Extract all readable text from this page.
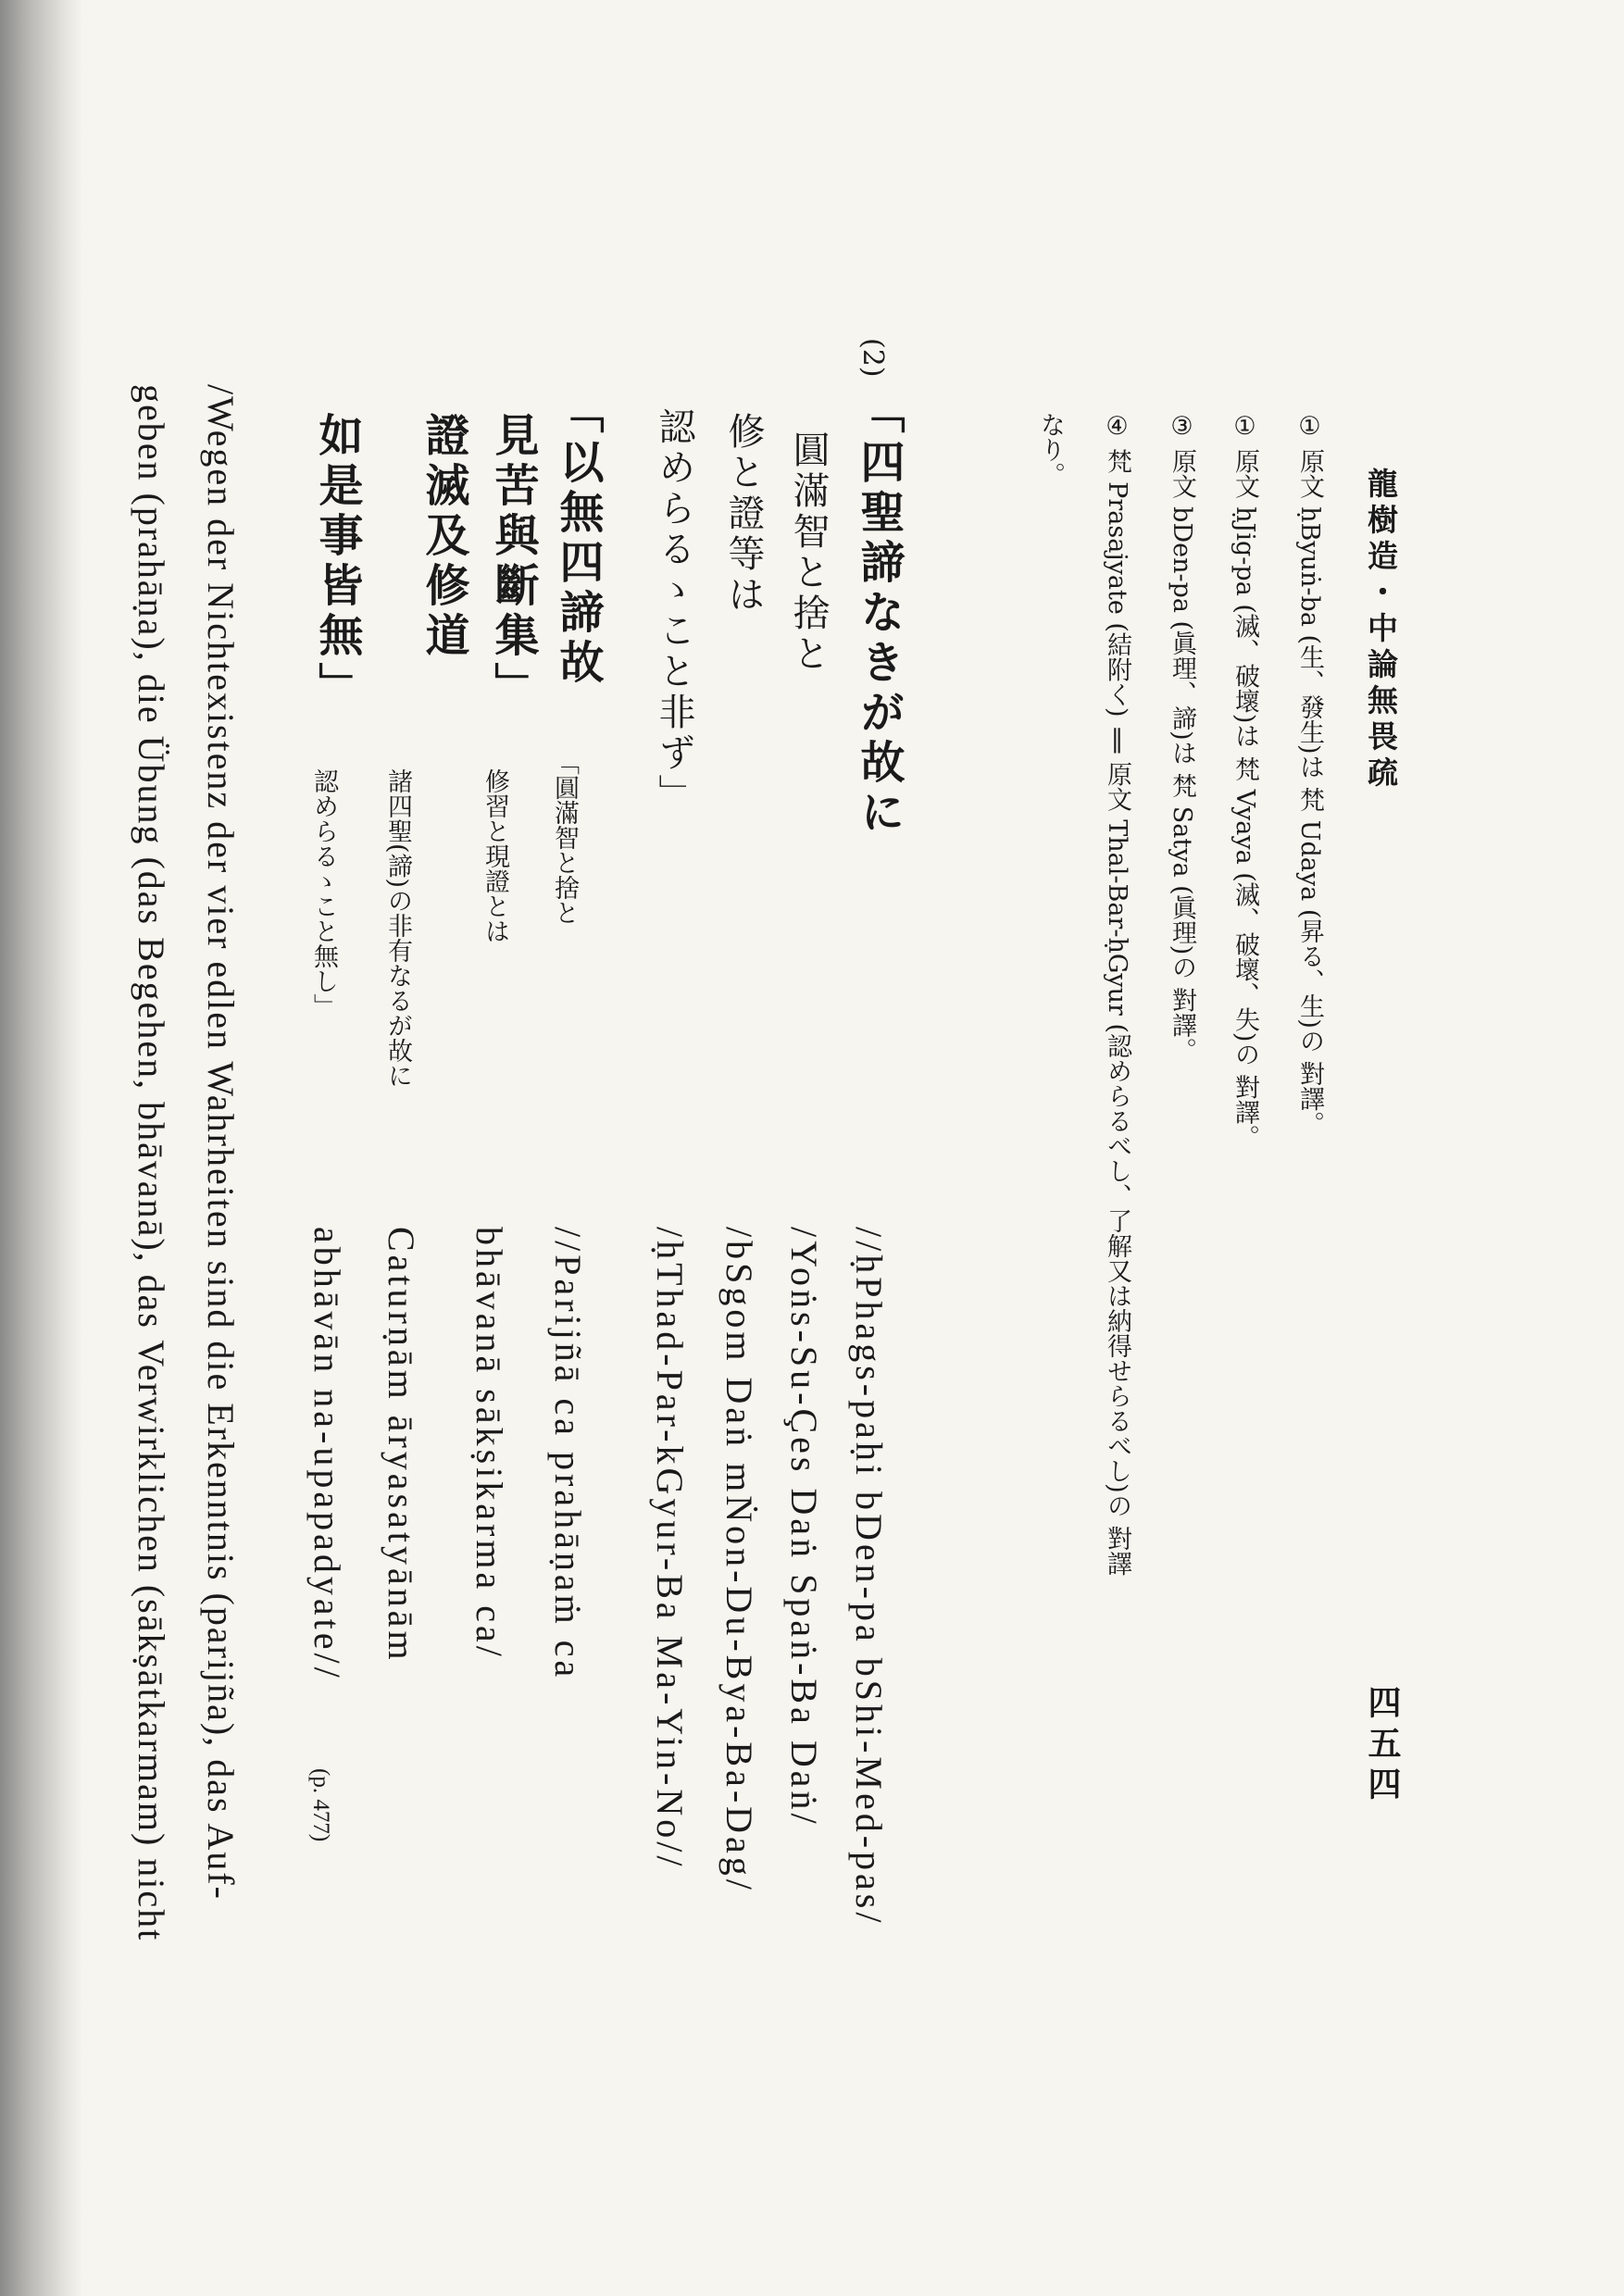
龍樹造・中論無畏疏
四五四
① 原文 ḥByuṅ-ba (生、發生)は 梵 Udaya (昇る、生)の 對譯。
① 原文 ḥJig-pa (滅、破壞)は 梵 Vyaya (滅、破壞、失)の 對譯。
③ 原文 bDen-pa (眞理、諦)は 梵 Satya (眞理)の 對譯。
④ 梵 Prasajyate (結附く) ‖ 原文 Thal-Bar-ḥGyur (認めらるべし、了解又は納得せらるべし)の 對譯
なり。
(2)
「四聖諦なきが故に
圓滿智と捨と
修と證等は
認めらるゝこと非ず」
「以無四諦故
見苦與斷集」
證滅及修道
如是事皆無」
「圓滿智と捨と
修習と現證とは
諸四聖(諦)の非有なるが故に
認めらるゝこと無し」
//ḥPhags-paḥi bDen-pa bShi-Med-pas/
/Yoṅs-Su-Çes Daṅ Spaṅ-Ba Daṅ/
/bSgom Daṅ mṄon-Du-Bya-Ba-Dag/
/ḥThad-Par-kGyur-Ba Ma-Yin-No//
//Parijñā ca prahāṇaṁ ca
bhāvanā sākṣikarma ca/
Caturṇām āryasatyānām
abhāvān na-upapadyate//
(p. 477)
/Wegen der Nichtexistenz der vier edlen Wahrheiten sind die Erkenntnis (parijña), das Auf-
geben (prahāṇa), die Übung (das Begehen, bhāvanā), das Verwirklichen (sākṣātkarmam) nicht
